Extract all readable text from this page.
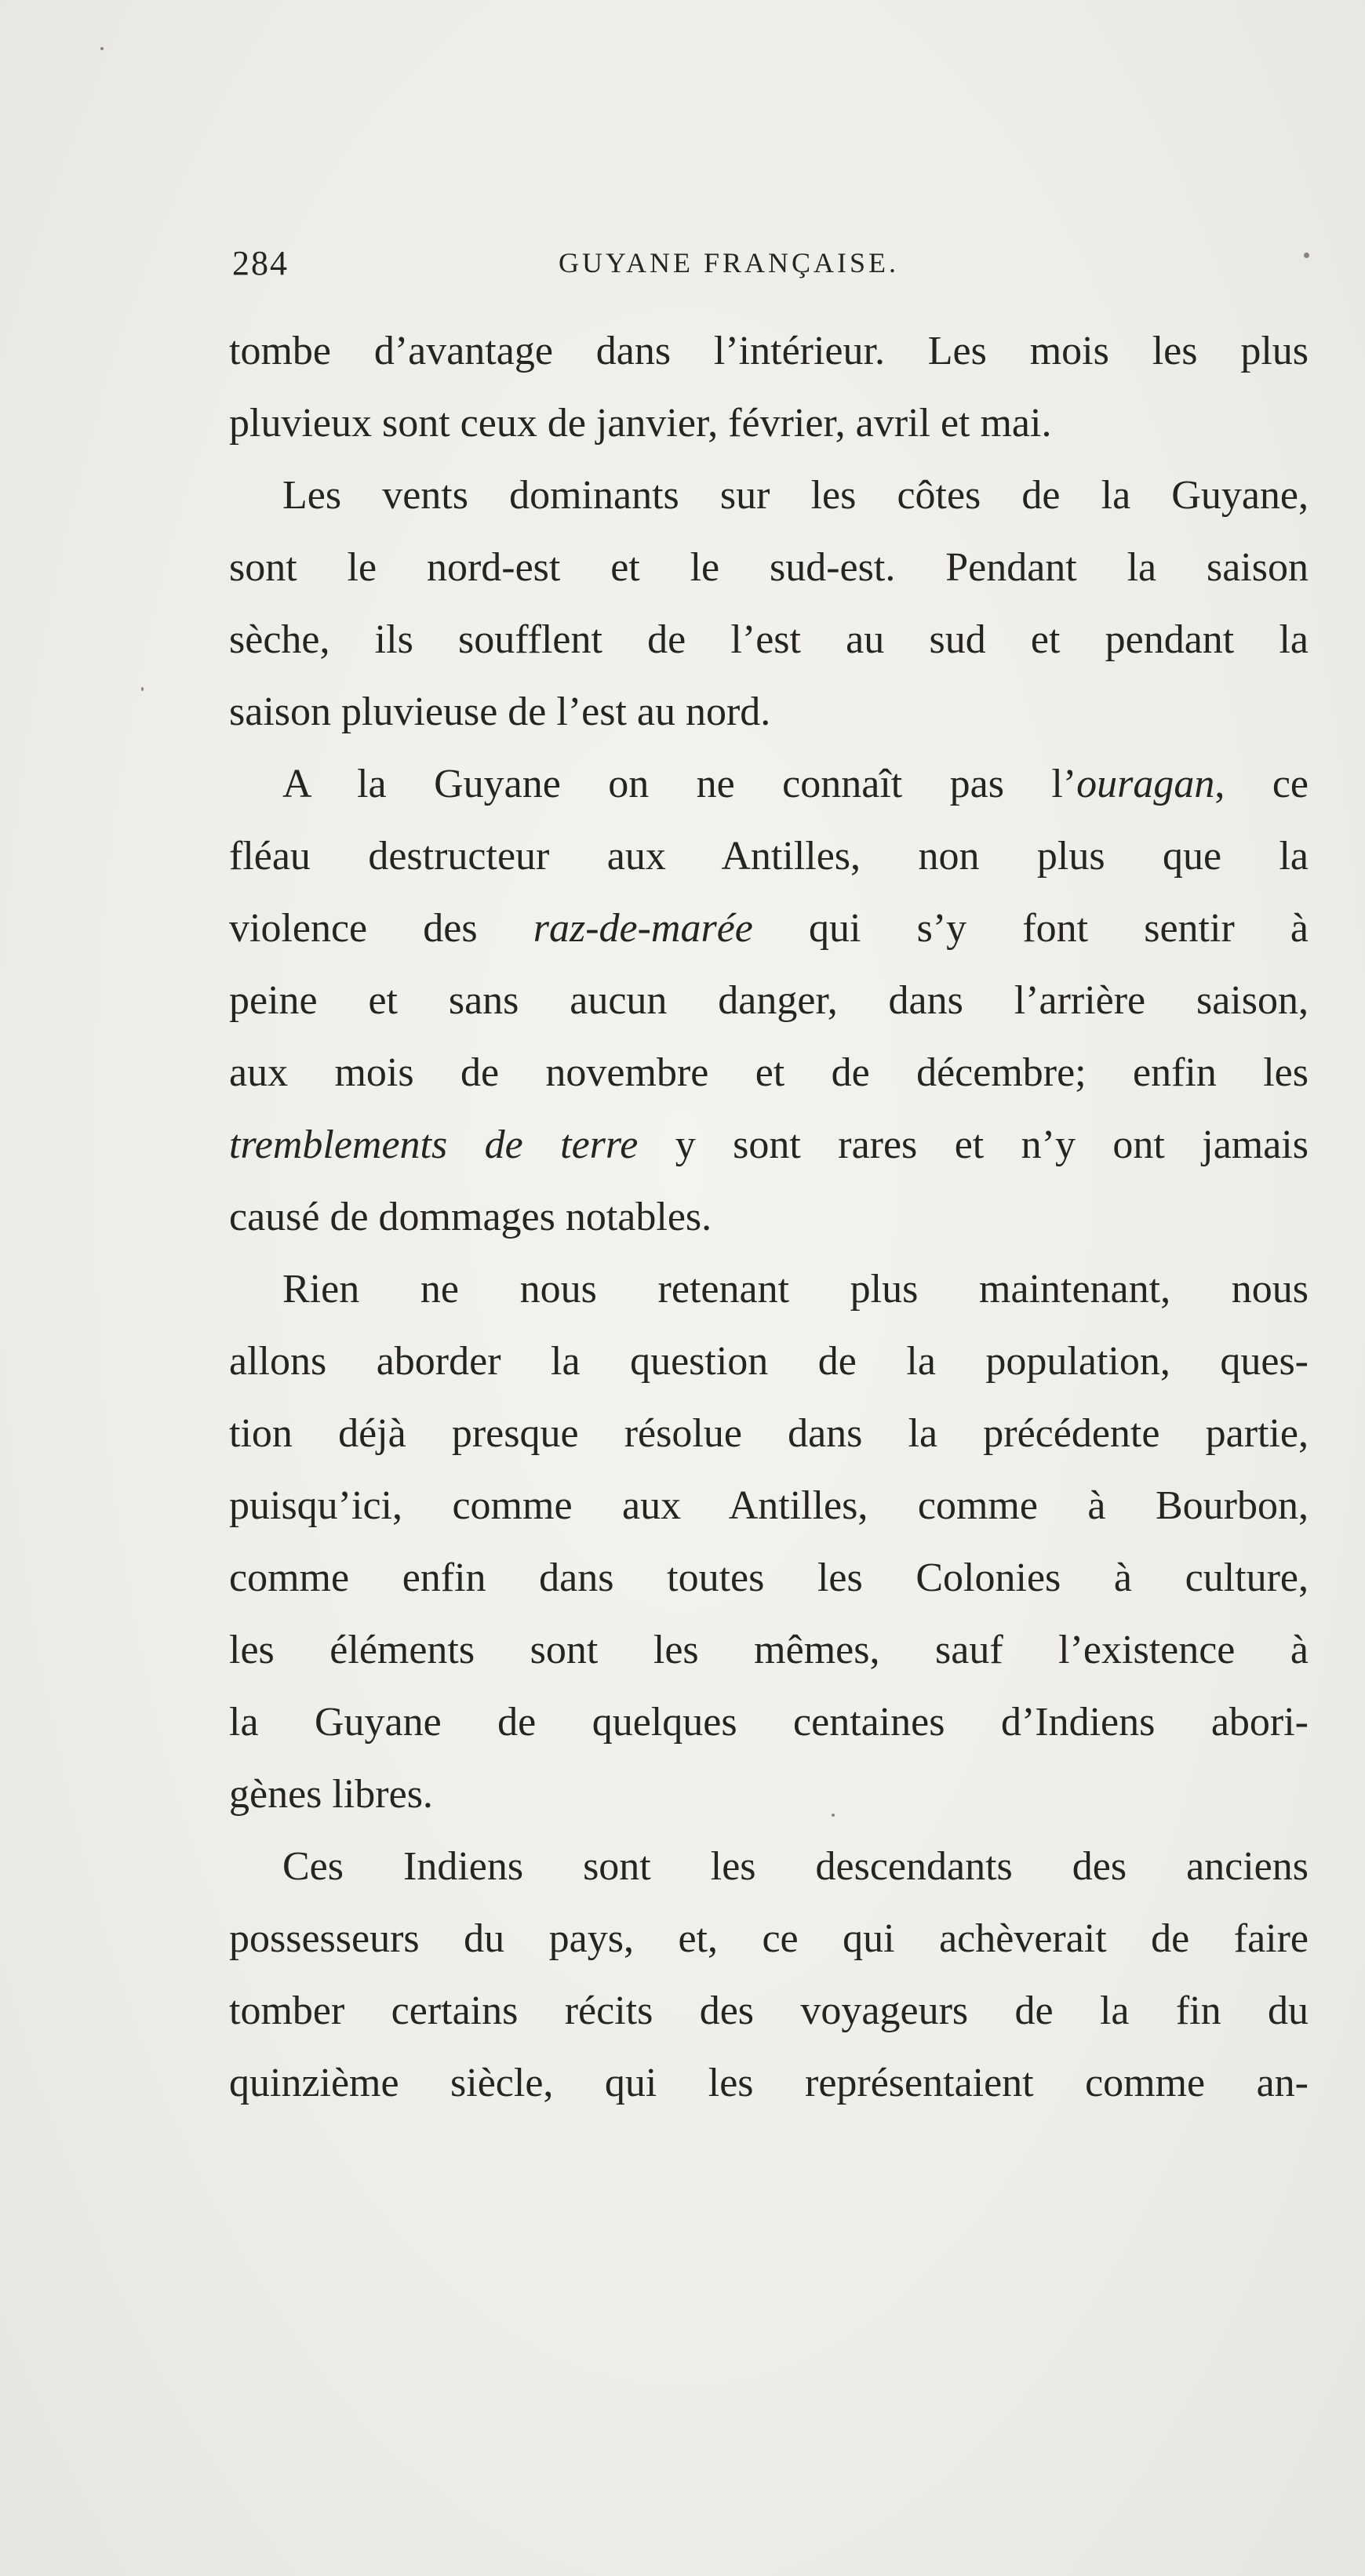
284	GUYANE FRANÇAISE.
tombe d’avantage dans l’intérieur. Les mois les plus
pluvieux sont ceux de janvier, février, avril et mai.
Les vents dominants sur les côtes de la Guyane,
sont le nord-est et le sud-est. Pendant la saison
sèche, ils soufflent de l’est au sud et pendant la
saison pluvieuse de l’est au nord.
A la Guyane on ne connaît pas l’ouragan, ce
fléau destructeur aux Antilles, non plus que la
violence des raz-de-marée qui s’y font sentir à
peine et sans aucun danger, dans l’arrière saison,
aux mois de novembre et de décembre; enfin les
tremblements de terre y sont rares et n’y ont jamais
causé de dommages notables.
Rien ne nous retenant plus maintenant, nous
allons aborder la question de la population, ques-
tion déjà presque résolue dans la précédente partie,
puisqu’ici, comme aux Antilles, comme à Bourbon,
comme enfin dans toutes les Colonies à culture,
les éléments sont les mêmes, sauf l’existence à
la Guyane de quelques centaines d’Indiens abori-
gènes libres.
Ces Indiens sont les descendants des anciens
possesseurs du pays, et, ce qui achèverait de faire
tomber certains récits des voyageurs de la fin du
quinzième siècle, qui les représentaient comme an-
